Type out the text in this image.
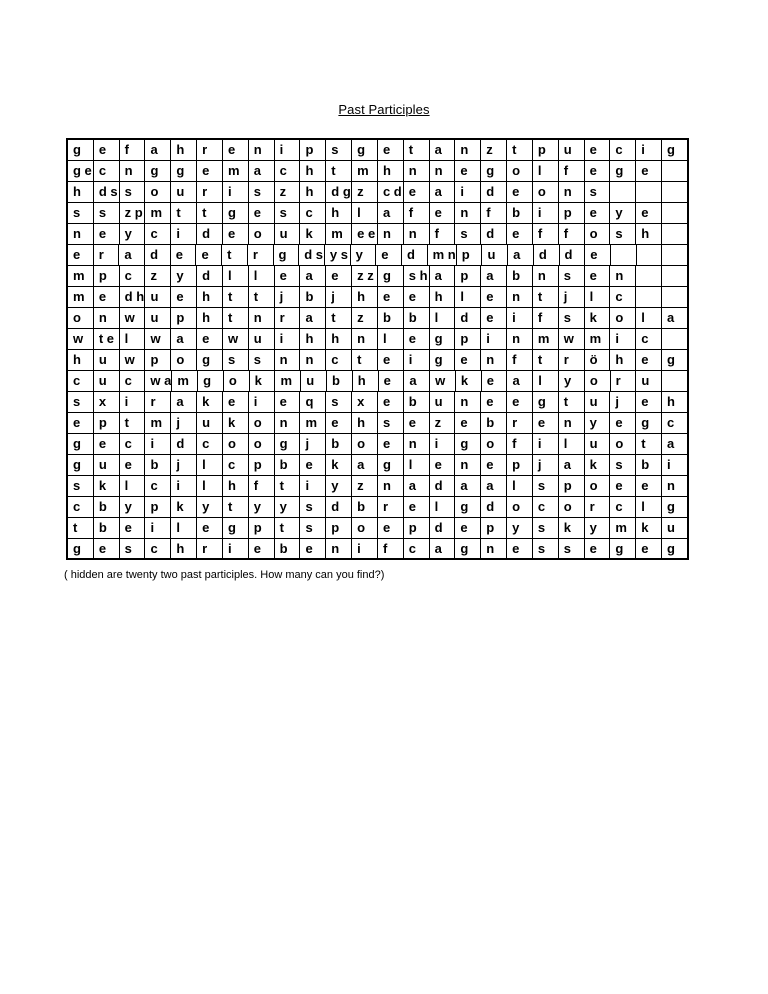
Past Participles
g	e	f	a	h	r	e	n	i	p	s	g	e	t	a	n	z	t	p	u	e	c	i	g
g e c	n	g	g	e	m	a	c	h	t	m	h	n	n	e	g	o	l	f	e	g	e
h	d s s	o	u	r	i	s	z	h	d g z	c d e	a	i	d	e	o	n	s
s	s	z p m	t	t	g	e	s	c	h	l	a	f	e	n	f	b	i	p	e	y	e
n	e	y	c	i	d	e	o	u	k	m	e e n	n	f	s	d	e	f	f	o	s	h
e	r	a	d	e	e	t	r	g	d s y s y	e	d	m n p	u	a	d	d	e
m	p	c	z	y	d	l	l	e	a	e	z z g	s h a	p	a	b	n	s	e	n
m	e	d h u	e	h	t	t	j	b	j	h	e	e	h	l	e	n	t	j	l	c
o	n	w	u	p	h	t	n	r	a	t	z	b	b	l	d	e	i	f	s	k	o	l	a
w	t e l	w	a	e	w	u	i	h	h	n	l	e	g	p	i	n	m	w	m	i	c
h	u	w	p	o	g	s	s	n	n	c	t	e	i	g	e	n	f	t	r	ö	h	e	g
c	u	c	w a m	g	o	k	m	u	b	h	e	a	w	k	e	a	l	y	o	r	u
s	x	i	r	a	k	e	i	e	q	s	x	e	b	u	n	e	e	g	t	u	j	e	h
e	p	t	m	j	u	k	o	n	m	e	h	s	e	z	e	b	r	e	n	y	e	g	c
g	e	c	i	d	c	o	o	g	j	b	o	e	n	i	g	o	f	i	l	u	o	t	a
g	u	e	b	j	l	c	p	b	e	k	a	g	l	e	n	e	p	j	a	k	s	b	i
s	k	l	c	i	l	h	f	t	i	y	z	n	a	d	a	a	l	s	p	o	e	e	n
c	b	y	p	k	y	t	y	y	s	d	b	r	e	l	g	d	o	c	o	r	c	l	g
t	b	e	i	l	e	g	p	t	s	p	o	e	p	d	e	p	y	s	k	y	m	k	u
g	e	s	c	h	r	i	e	b	e	n	i	f	c	a	g	n	e	s	s	e	g	e	g
( hidden are twenty two past participles. How many can you find?)
